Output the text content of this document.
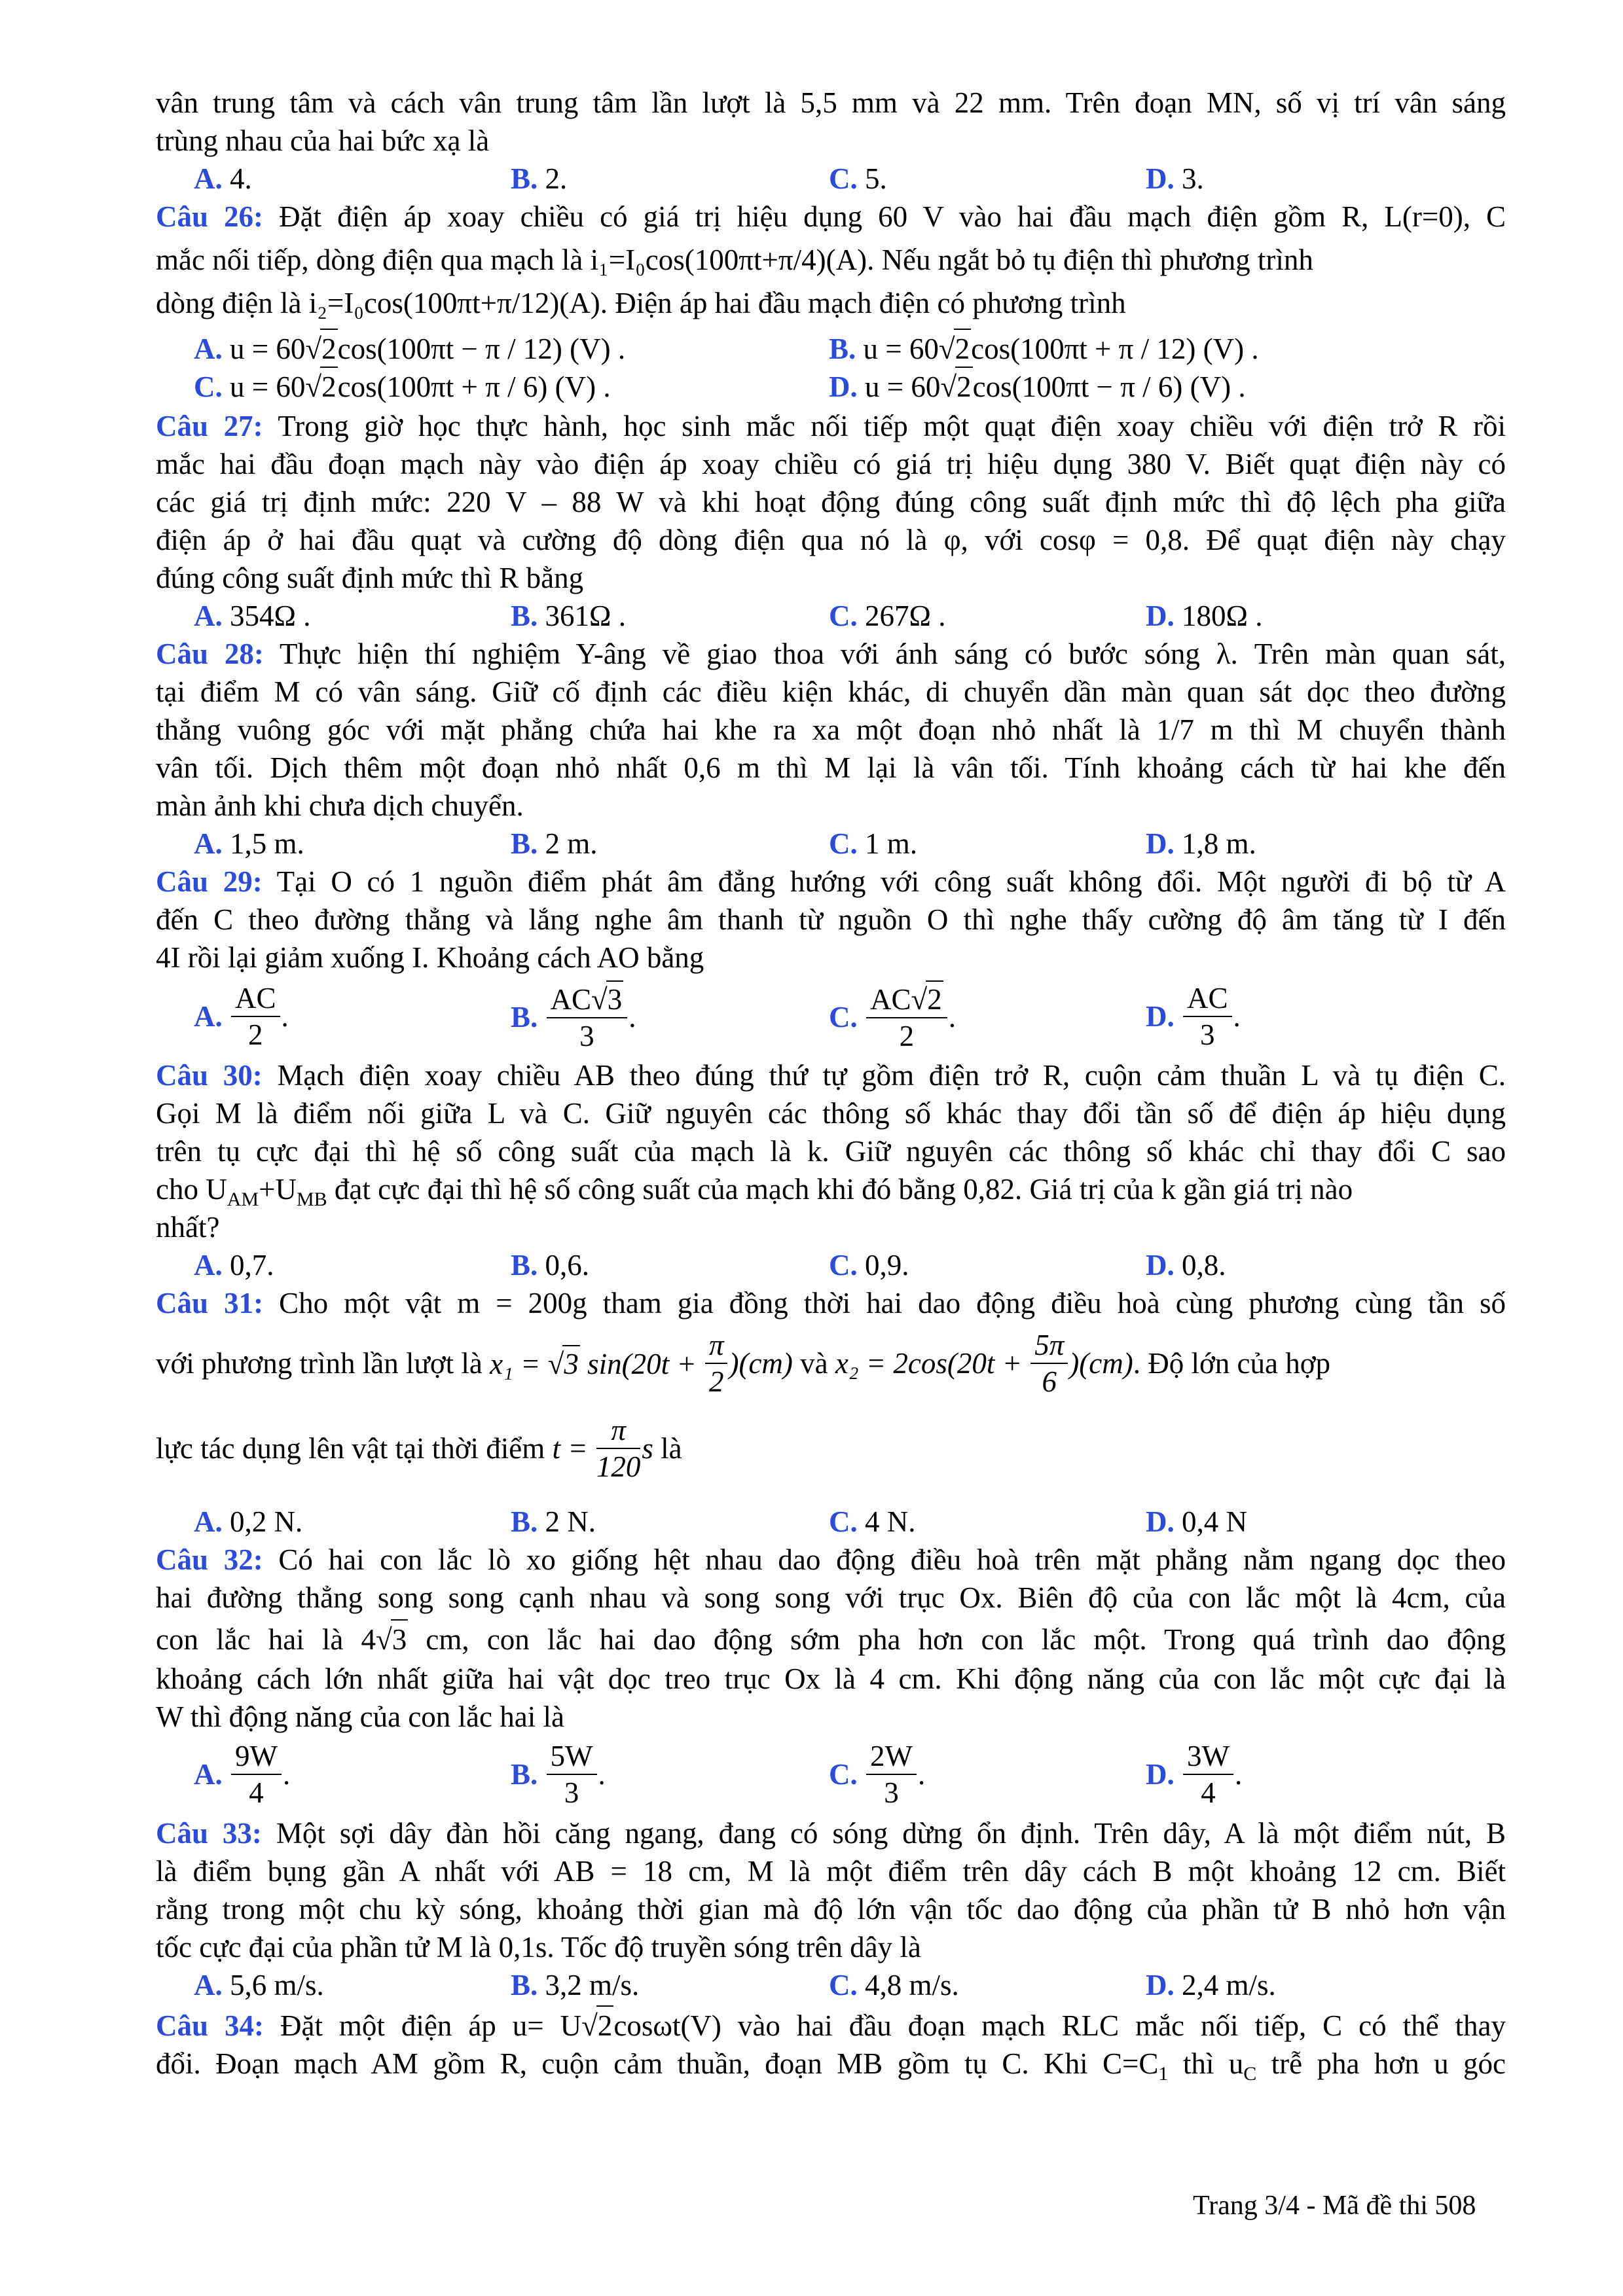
vân trung tâm và cách vân trung tâm lần lượt là 5,5 mm và 22 mm. Trên đoạn MN, số vị trí vân sáng
trùng nhau của hai bức xạ là
A. 4.	B. 2.	C. 5.	D. 3.
Câu 26: Đặt điện áp xoay chiều có giá trị hiệu dụng 60 V vào hai đầu mạch điện gồm R, L(r=0), C
mắc nối tiếp, dòng điện qua mạch là i₁=I₀cos(100πt+π/4)(A). Nếu ngắt bỏ tụ điện thì phương trình
dòng điện là i₂=I₀cos(100πt+π/12)(A). Điện áp hai đầu mạch điện có phương trình
A. u = 60√2cos(100πt − π / 12) (V) .	B. u = 60√2cos(100πt + π / 12) (V) .
C. u = 60√2cos(100πt + π / 6) (V) .	D. u = 60√2cos(100πt − π / 6) (V) .
Câu 27: Trong giờ học thực hành, học sinh mắc nối tiếp một quạt điện xoay chiều với điện trở R rồi
mắc hai đầu đoạn mạch này vào điện áp xoay chiều có giá trị hiệu dụng 380 V. Biết quạt điện này có
các giá trị định mức: 220 V – 88 W và khi hoạt động đúng công suất định mức thì độ lệch pha giữa
điện áp ở hai đầu quạt và cường độ dòng điện qua nó là φ, với cosφ = 0,8. Để quạt điện này chạy
đúng công suất định mức thì R bằng
A. 354Ω .	B. 361Ω .	C. 267Ω .	D. 180Ω .
Câu 28: Thực hiện thí nghiệm Y-âng về giao thoa với ánh sáng có bước sóng λ. Trên màn quan sát,
tại điểm M có vân sáng. Giữ cố định các điều kiện khác, di chuyển dần màn quan sát dọc theo đường
thẳng vuông góc với mặt phẳng chứa hai khe ra xa một đoạn nhỏ nhất là 1/7 m thì M chuyển thành
vân tối. Dịch thêm một đoạn nhỏ nhất 0,6 m thì M lại là vân tối. Tính khoảng cách từ hai khe đến
màn ảnh khi chưa dịch chuyển.
A. 1,5 m.	B. 2 m.	C. 1 m.	D. 1,8 m.
Câu 29: Tại O có 1 nguồn điểm phát âm đẳng hướng với công suất không đổi. Một người đi bộ từ A
đến C theo đường thẳng và lắng nghe âm thanh từ nguồn O thì nghe thấy cường độ âm tăng từ I đến
4I rồi lại giảm xuống I. Khoảng cách AO bằng
A. $\frac{AC}{2}$ .	B. $\frac{AC√3}{3}$ .	C. $\frac{AC√2}{2}$ .	D. $\frac{AC}{3}$ .
Câu 30: Mạch điện xoay chiều AB theo đúng thứ tự gồm điện trở R, cuộn cảm thuần L và tụ điện C.
Gọi M là điểm nối giữa L và C. Giữ nguyên các thông số khác thay đổi tần số để điện áp hiệu dụng
trên tụ cực đại thì hệ số công suất của mạch là k. Giữ nguyên các thông số khác chỉ thay đổi C sao
cho $U_{AM}+U_{MB}$ đạt cực đại thì hệ số công suất của mạch khi đó bằng 0,82. Giá trị của k gần giá trị nào
nhất?
A. 0,7.	B. 0,6.	C. 0,9.	D. 0,8.
Câu 31: Cho một vật m = 200g tham gia đồng thời hai dao động điều hoà cùng phương cùng tần số
với phương trình lần lượt là x₁ = √3 $\sin(20t + \frac{\pi}{2} )(cm)$ và $x_2 = 2\cos(20t + \frac{5\pi}{6} )(cm)$. Độ lớn của hợp
lực tác dụng lên vật tại thời điểm $t = \frac{\pi}{120}$ s là
A. 0,2 N.	B. 2 N.	C. 4 N.	D. 0,4 N
Câu 32: Có hai con lắc lò xo giống hệt nhau dao động điều hoà trên mặt phẳng nằm ngang dọc theo
hai đường thẳng song song cạnh nhau và song song với trục Ox. Biên độ của con lắc một là 4cm, của
con lắc hai là 4√3 cm, con lắc hai dao động sớm pha hơn con lắc một. Trong quá trình dao động
khoảng cách lớn nhất giữa hai vật dọc treo trục Ox là 4 cm. Khi động năng của con lắc một cực đại là
W thì động năng của con lắc hai là
A. $\frac{9W}{4}$ .	B. $\frac{5W}{3}$ .	C. $\frac{2W}{3}$ .	D. $\frac{3W}{4}$ .
Câu 33: Một sợi dây đàn hồi căng ngang, đang có sóng dừng ổn định. Trên dây, A là một điểm nút, B
là điểm bụng gần A nhất với AB = 18 cm, M là một điểm trên dây cách B một khoảng 12 cm. Biết
rằng trong một chu kỳ sóng, khoảng thời gian mà độ lớn vận tốc dao động của phần tử B nhỏ hơn vận
tốc cực đại của phần tử M là 0,1s. Tốc độ truyền sóng trên dây là
A. 5,6 m/s.	B. 3,2 m/s.	C. 4,8 m/s.	D. 2,4 m/s.
Câu 34: Đặt một điện áp u= U√2cosωt(V) vào hai đầu đoạn mạch RLC mắc nối tiếp, C có thể thay
đổi. Đoạn mạch AM gồm R, cuộn cảm thuần, đoạn MB gồm tụ C. Khi $C=C_1$ thì $u_C$ trễ pha hơn u góc
Trang 3/4 - Mã đề thi 508
